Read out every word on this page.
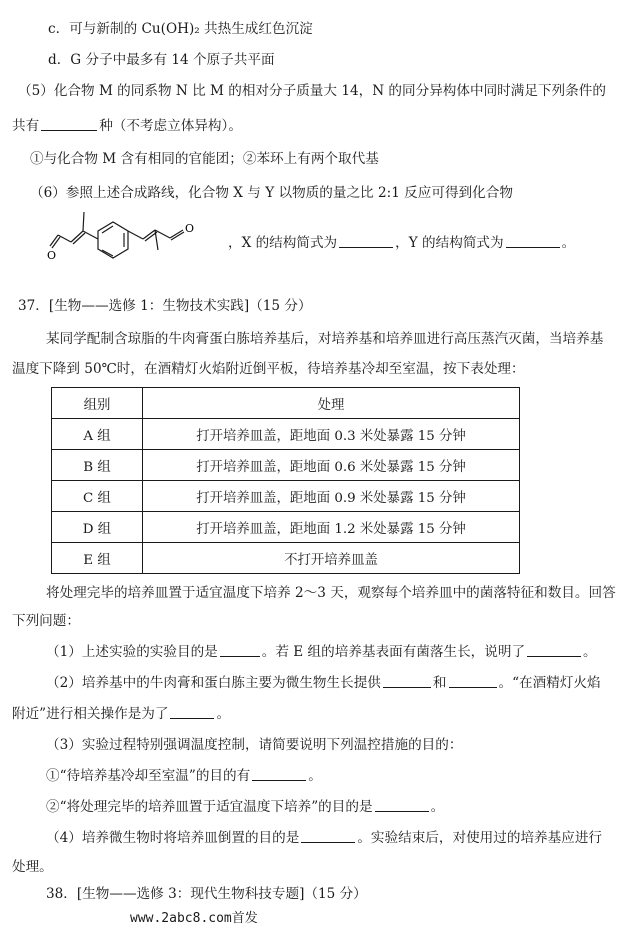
c．可与新制的 Cu(OH)₂ 共热生成红色沉淀
d．G 分子中最多有 14 个原子共平面
（5）化合物 M 的同系物 N 比 M 的相对分子质量大 14，N 的同分异构体中同时满足下列条件的
共有	种（不考虑立体异构）。
①与化合物 M 含有相同的官能团；②苯环上有两个取代基
（6）参照上述合成路线，化合物 X 与 Y 以物质的量之比 2:1 反应可得到化合物
O
O
，X 的结构简式为	，Y 的结构简式为	。
37．[生物——选修 1：生物技术实践]（15 分）
某同学配制含琼脂的牛肉膏蛋白胨培养基后，对培养基和培养皿进行高压蒸汽灭菌，当培养基
温度下降到 50℃时，在酒精灯火焰附近倒平板，待培养基冷却至室温，按下表处理：
组别	处理
A 组	打开培养皿盖，距地面 0.3 米处暴露 15 分钟
B 组	打开培养皿盖，距地面 0.6 米处暴露 15 分钟
C 组	打开培养皿盖，距地面 0.9 米处暴露 15 分钟
D 组	打开培养皿盖，距地面 1.2 米处暴露 15 分钟
E 组	不打开培养皿盖
将处理完毕的培养皿置于适宜温度下培养 2～3 天，观察每个培养皿中的菌落特征和数目。回答
下列问题：
（1）上述实验的实验目的是	。若 E 组的培养基表面有菌落生长，说明了	。
（2）培养基中的牛肉膏和蛋白胨主要为微生物生长提供	和	。“在酒精灯火焰
附近”进行相关操作是为了	。
（3）实验过程特别强调温度控制，请简要说明下列温控措施的目的：
①“待培养基冷却至室温”的目的有	。
②“将处理完毕的培养皿置于适宜温度下培养”的目的是	。
（4）培养微生物时将培养皿倒置的目的是	。实验结束后，对使用过的培养基应进行
处理。
38．[生物——选修 3：现代生物科技专题]（15 分）
www.2abc8.com首发
